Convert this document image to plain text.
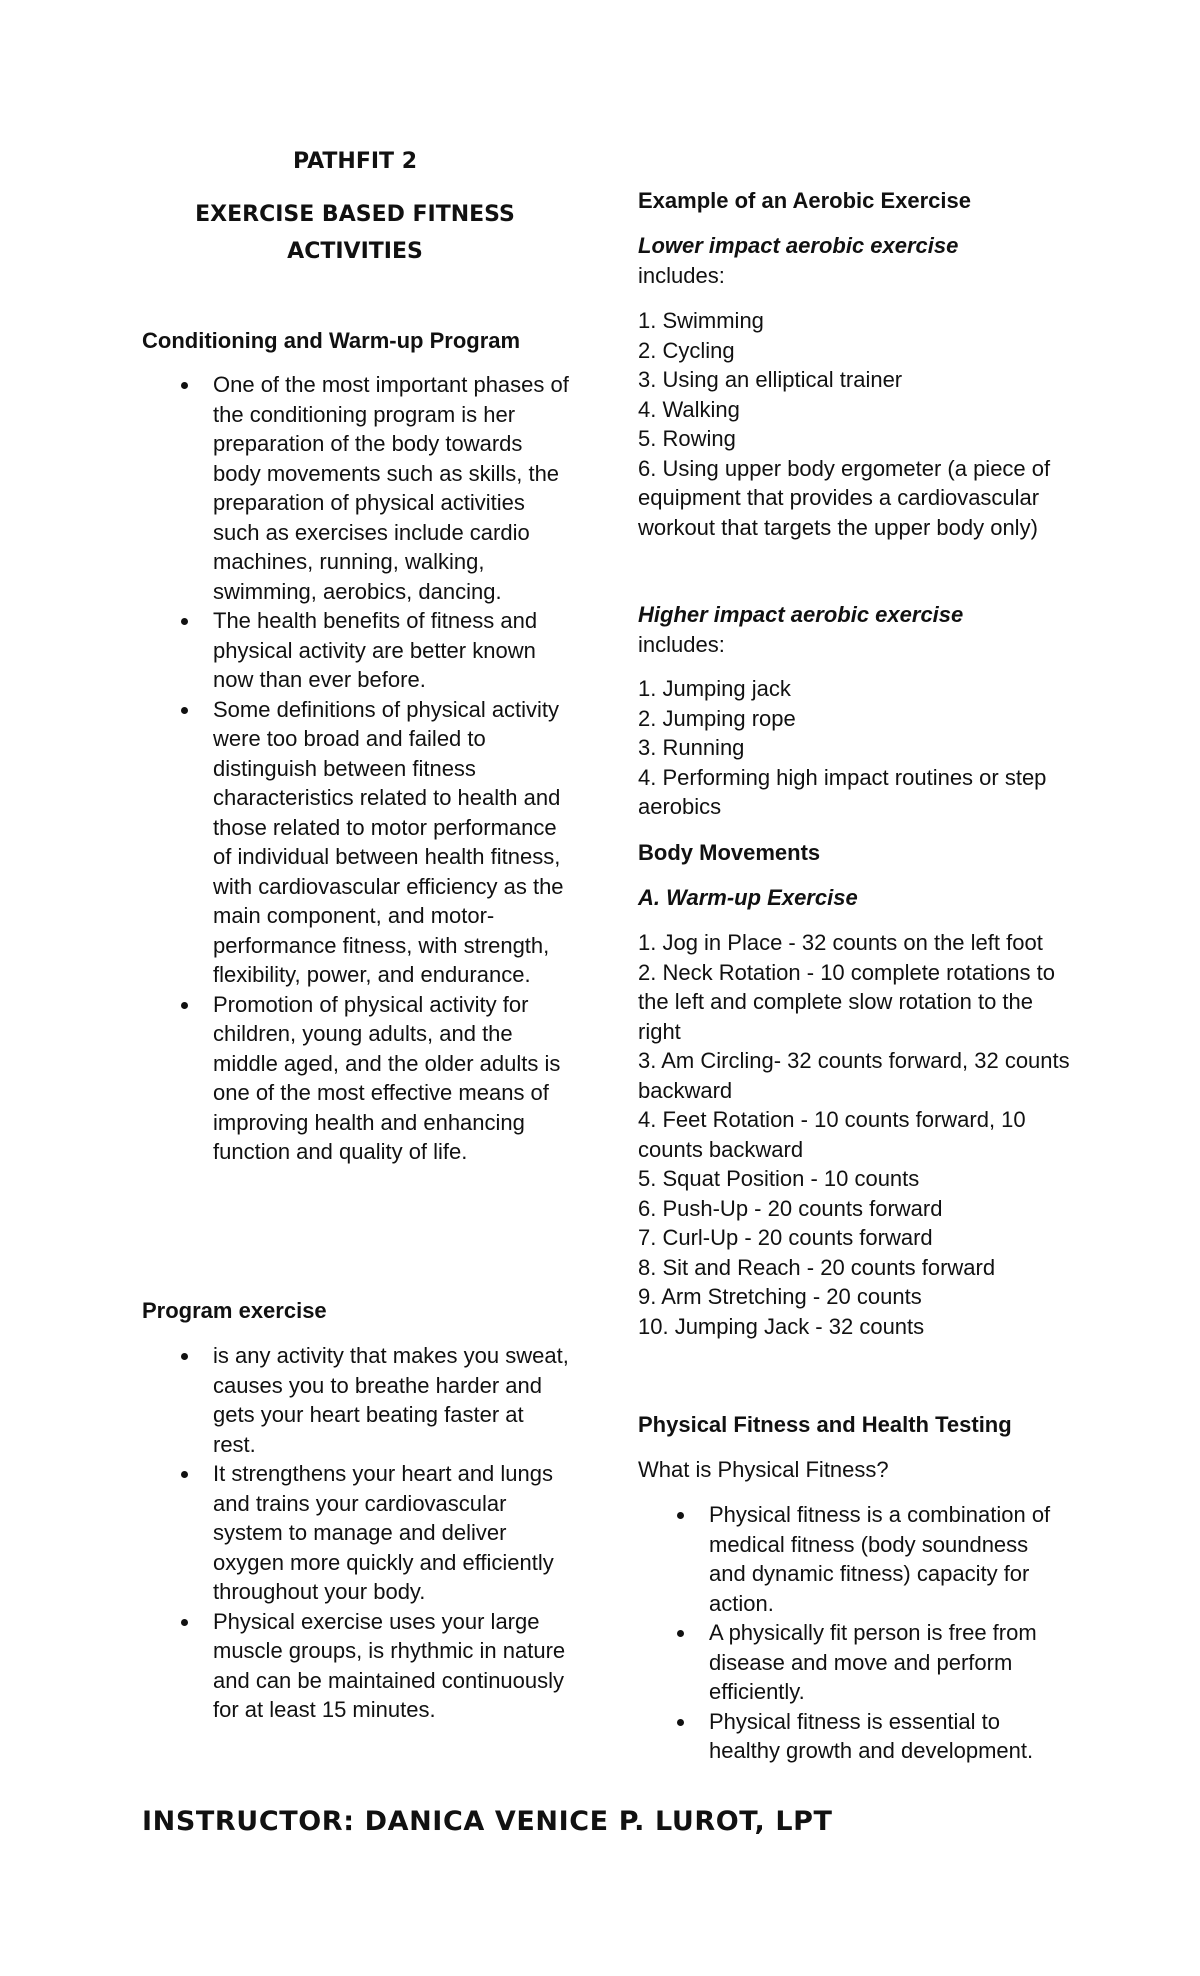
PATHFIT 2

EXERCISE BASED FITNESS ACTIVITIES

Conditioning and Warm-up Program
One of the most important phases of the conditioning program is her preparation of the body towards body movements such as skills, the preparation of physical activities such as exercises include cardio machines, running, walking, swimming, aerobics, dancing.
The health benefits of fitness and physical activity are better known now than ever before.
Some definitions of physical activity were too broad and failed to distinguish between fitness characteristics related to health and those related to motor performance of individual between health fitness, with cardiovascular efficiency as the main component, and motor-performance fitness, with strength, flexibility, power, and endurance.
Promotion of physical activity for children, young adults, and the middle aged, and the older adults is one of the most effective means of improving health and enhancing function and quality of life.
Program exercise
is any activity that makes you sweat, causes you to breathe harder and gets your heart beating faster at rest.
It strengthens your heart and lungs and trains your cardiovascular system to manage and deliver oxygen more quickly and efficiently throughout your body.
Physical exercise uses your large muscle groups, is rhythmic in nature and can be maintained continuously for at least 15 minutes.
Example of an Aerobic Exercise

Lower impact aerobic exercise

includes:

1. Swimming
2. Cycling
3. Using an elliptical trainer
4. Walking
5. Rowing
6. Using upper body ergometer (a piece of equipment that provides a cardiovascular workout that targets the upper body only)

Higher impact aerobic exercise

includes:

1. Jumping jack
2. Jumping rope
3. Running
4. Performing high impact routines or step aerobics
Body Movements

A. Warm-up Exercise

1. Jog in Place - 32 counts on the left foot
2. Neck Rotation - 10 complete rotations to the left and complete slow rotation to the right
3. Am Circling- 32 counts forward, 32 counts backward
4. Feet Rotation - 10 counts forward, 10 counts backward
5. Squat Position - 10 counts
6. Push-Up - 20 counts forward
7. Curl-Up - 20 counts forward
8. Sit and Reach - 20 counts forward
9. Arm Stretching - 20 counts
10. Jumping Jack - 32 counts
Physical Fitness and Health Testing

What is Physical Fitness?

Physical fitness is a combination of medical fitness (body soundness and dynamic fitness) capacity for action.
A physically fit person is free from disease and move and perform efficiently.
Physical fitness is essential to healthy growth and development.

INSTRUCTOR: DANICA VENICE P. LUROT, LPT
